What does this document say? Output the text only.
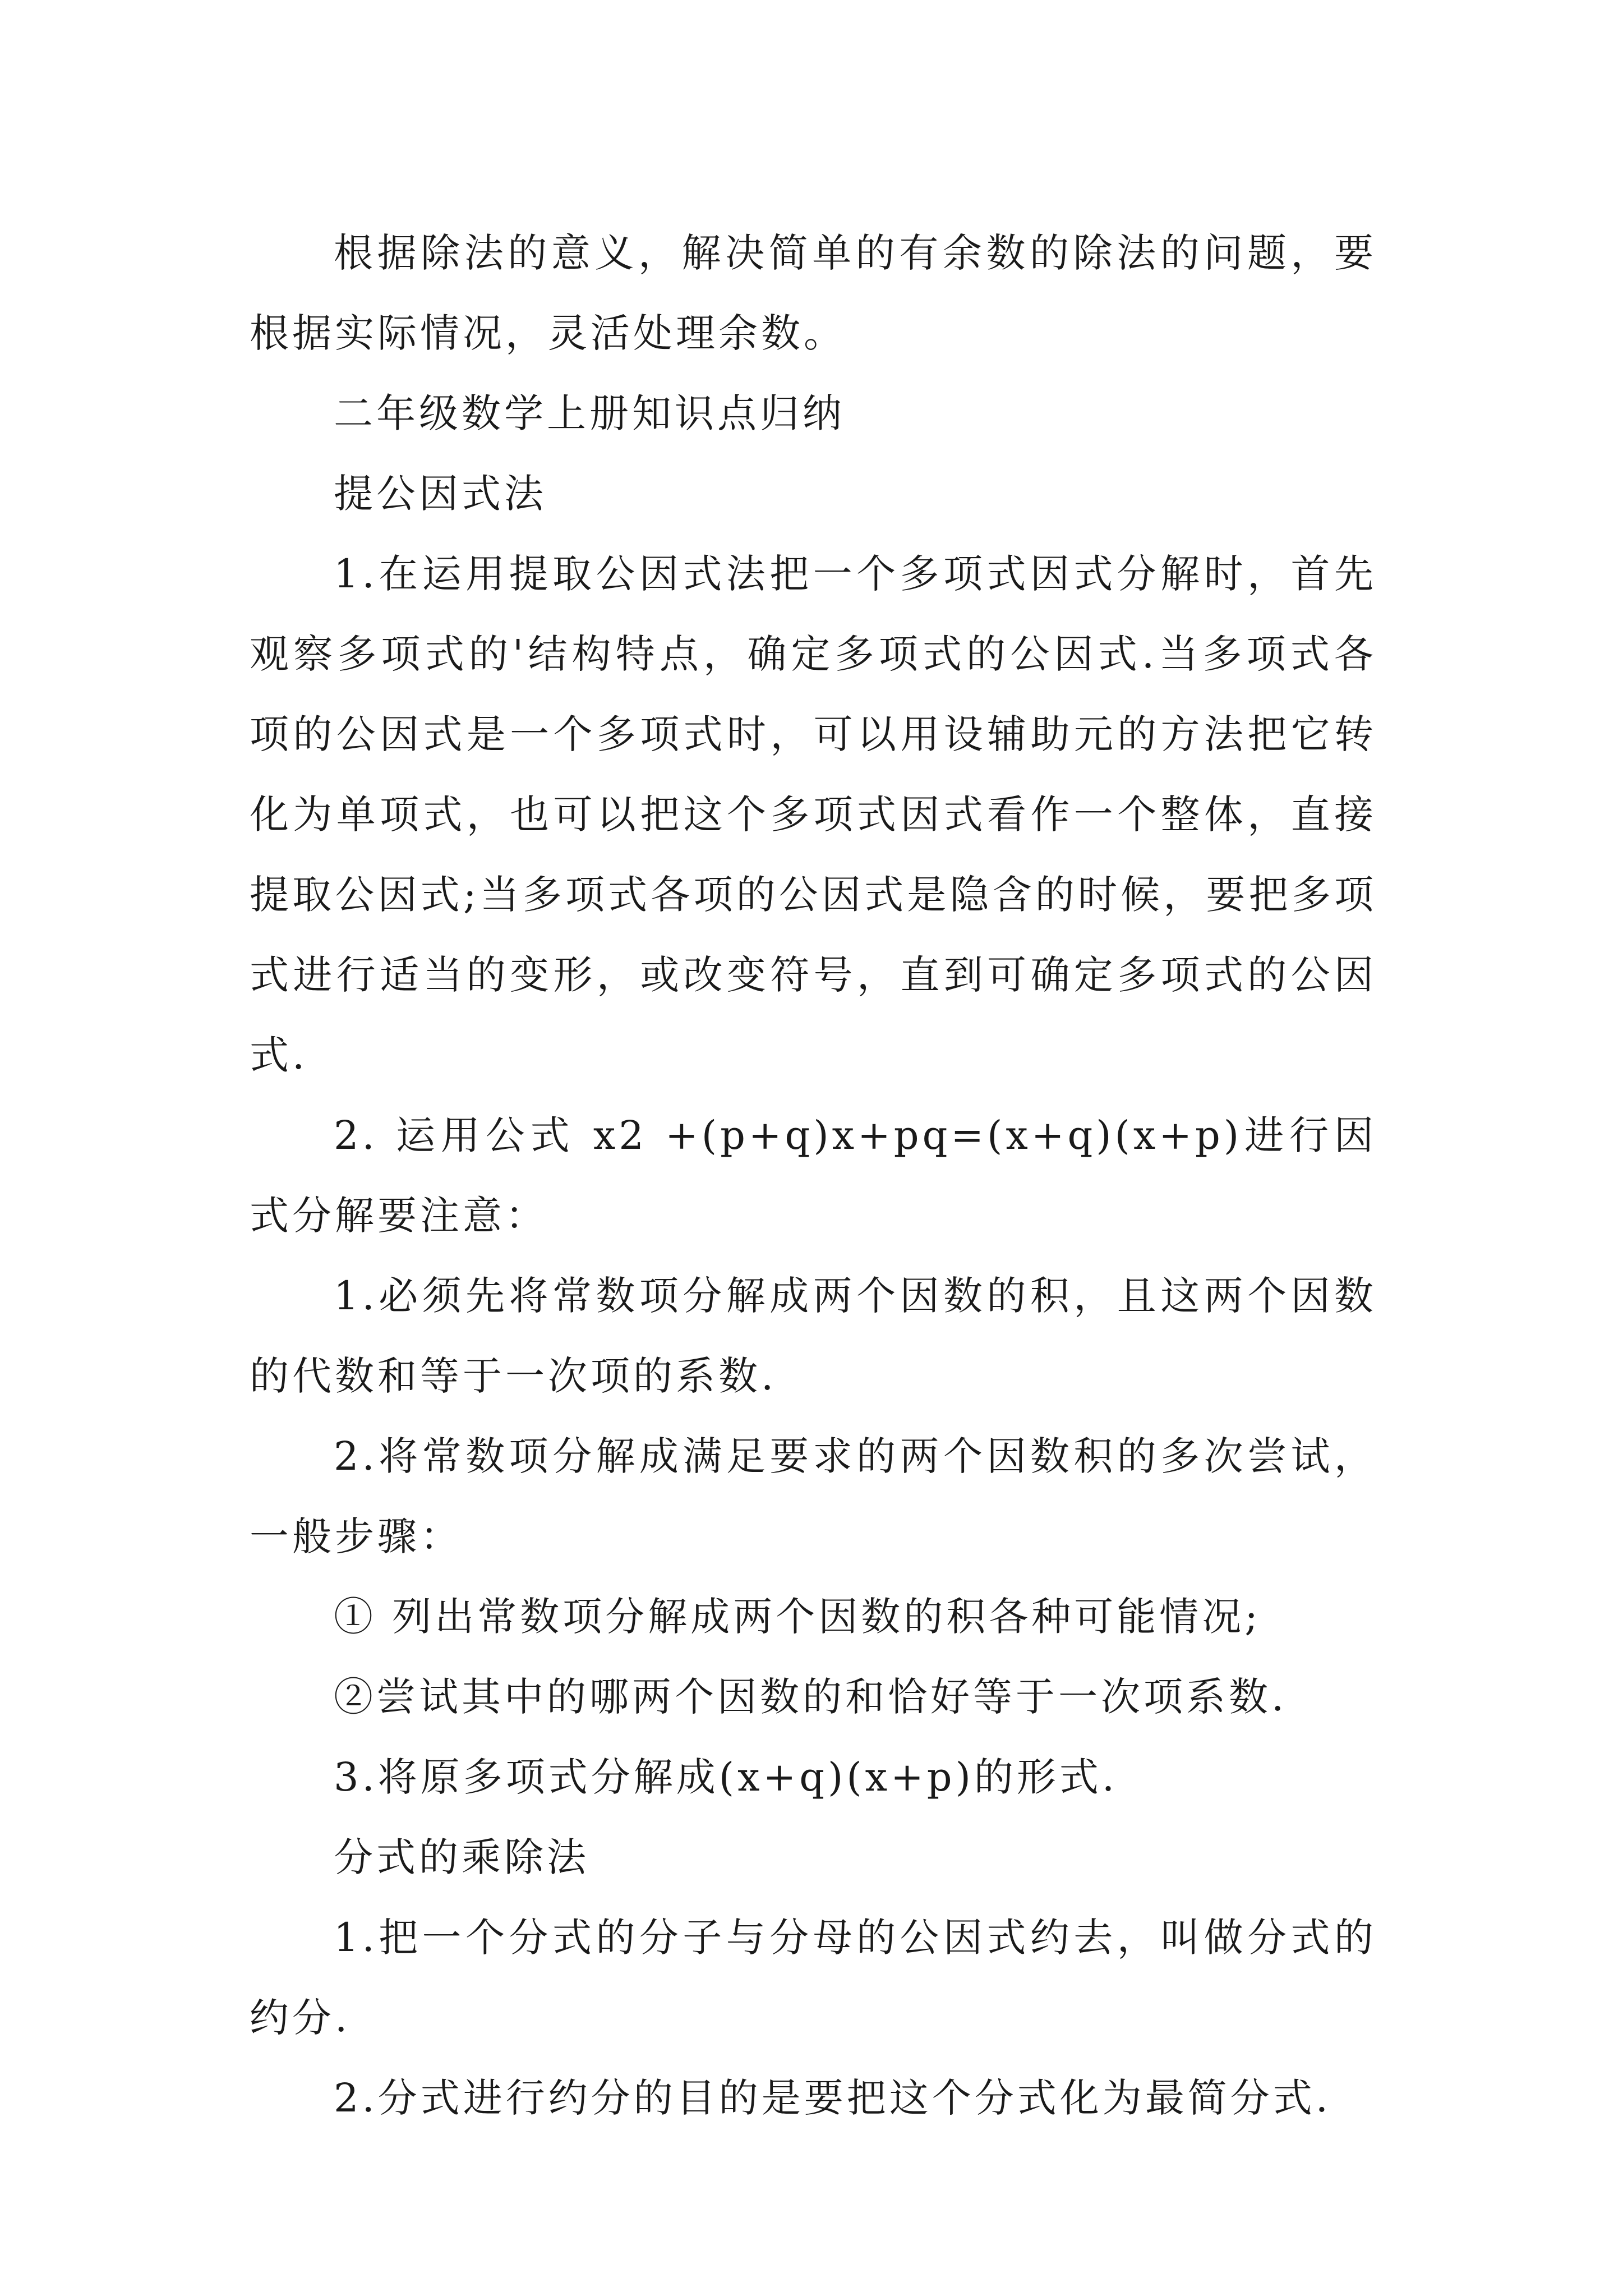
根据除法的意义，解决简单的有余数的除法的问题，要根据实际情况，灵活处理余数。

二年级数学上册知识点归纳

提公因式法

1.在运用提取公因式法把一个多项式因式分解时，首先观察多项式的'结构特点，确定多项式的公因式.当多项式各项的公因式是一个多项式时，可以用设辅助元的方法把它转化为单项式，也可以把这个多项式因式看作一个整体，直接提取公因式;当多项式各项的公因式是隐含的时候，要把多项式进行适当的变形，或改变符号，直到可确定多项式的公因式.

2. 运用公式 x2 +(p+q)x+pq=(x+q)(x+p)进行因式分解要注意：

1.必须先将常数项分解成两个因数的积，且这两个因数的代数和等于一次项的系数.

2.将常数项分解成满足要求的两个因数积的多次尝试，一般步骤：

① 列出常数项分解成两个因数的积各种可能情况;

②尝试其中的哪两个因数的和恰好等于一次项系数.

3.将原多项式分解成(x+q)(x+p)的形式.

分式的乘除法

1.把一个分式的分子与分母的公因式约去，叫做分式的约分.

2.分式进行约分的目的是要把这个分式化为最简分式.
